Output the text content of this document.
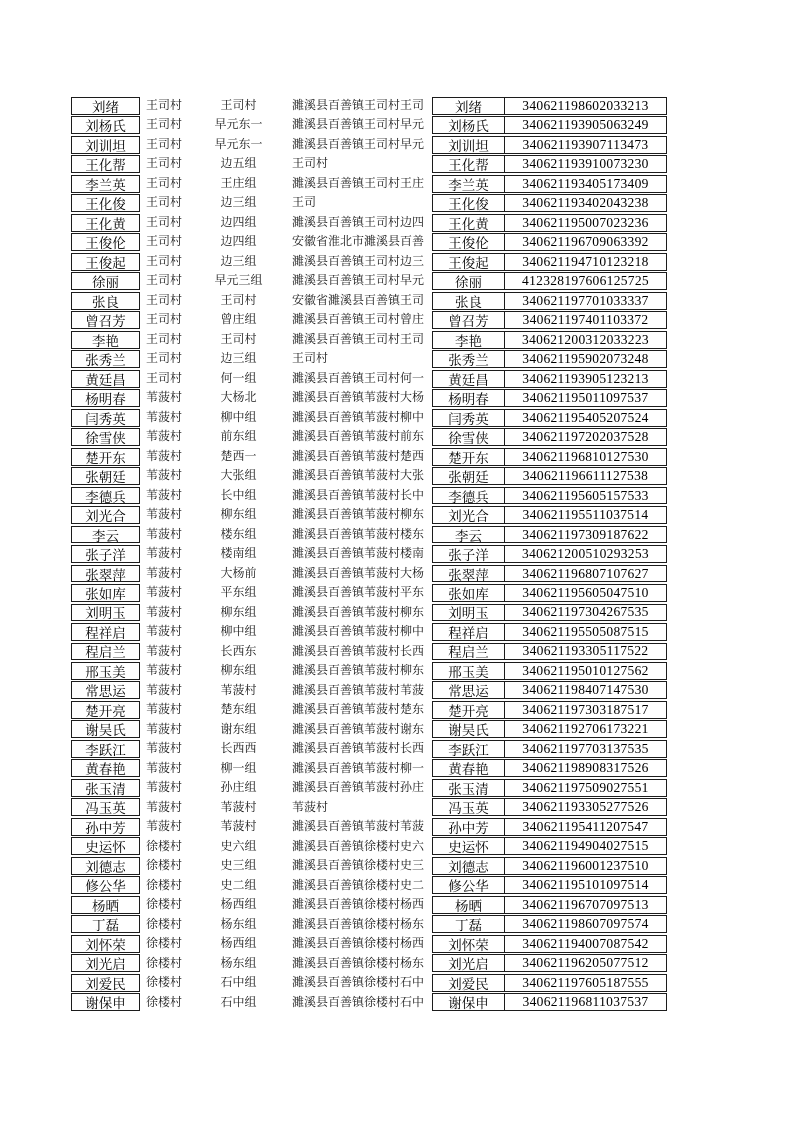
刘绪	王司村	王司村	濉溪县百善镇王司村王司
刘杨氏	王司村	早元东一	濉溪县百善镇王司村早元
刘训坦	王司村	早元东一	濉溪县百善镇王司村早元
王化帮	王司村	边五组	王司村
李兰英	王司村	王庄组	濉溪县百善镇王司村王庄
王化俊	王司村	边三组	王司
王化黄	王司村	边四组	濉溪县百善镇王司村边四
王俊伦	王司村	边四组	安徽省淮北市濉溪县百善
王俊起	王司村	边三组	濉溪县百善镇王司村边三
徐丽	王司村	早元三组	濉溪县百善镇王司村早元
张良	王司村	王司村	安徽省濉溪县百善镇王司
曾召芳	王司村	曾庄组	濉溪县百善镇王司村曾庄
李艳	王司村	王司村	濉溪县百善镇王司村王司
张秀兰	王司村	边三组	王司村
黄廷昌	王司村	何一组	濉溪县百善镇王司村何一
杨明春	苇菠村	大杨北	濉溪县百善镇苇菠村大杨
闫秀英	苇菠村	柳中组	濉溪县百善镇苇菠村柳中
徐雪侠	苇菠村	前东组	濉溪县百善镇苇菠村前东
楚开东	苇菠村	楚西一	濉溪县百善镇苇菠村楚西
张朝廷	苇菠村	大张组	濉溪县百善镇苇菠村大张
李德兵	苇菠村	长中组	濉溪县百善镇苇菠村长中
刘光合	苇菠村	柳东组	濉溪县百善镇苇菠村柳东
李云	苇菠村	楼东组	濉溪县百善镇苇菠村楼东
张子洋	苇菠村	楼南组	濉溪县百善镇苇菠村楼南
张翠萍	苇菠村	大杨前	濉溪县百善镇苇菠村大杨
张如库	苇菠村	平东组	濉溪县百善镇苇菠村平东
刘明玉	苇菠村	柳东组	濉溪县百善镇苇菠村柳东
程祥启	苇菠村	柳中组	濉溪县百善镇苇菠村柳中
程启兰	苇菠村	长西东	濉溪县百善镇苇菠村长西
邢玉美	苇菠村	柳东组	濉溪县百善镇苇菠村柳东
常思运	苇菠村	苇菠村	濉溪县百善镇苇菠村苇菠
楚开亮	苇菠村	楚东组	濉溪县百善镇苇菠村楚东
谢吴氏	苇菠村	谢东组	濉溪县百善镇苇菠村谢东
李跃江	苇菠村	长西西	濉溪县百善镇苇菠村长西
黄春艳	苇菠村	柳一组	濉溪县百善镇苇菠村柳一
张玉清	苇菠村	孙庄组	濉溪县百善镇苇菠村孙庄
冯玉英	苇菠村	苇菠村	苇菠村
孙中芳	苇菠村	苇菠村	濉溪县百善镇苇菠村苇菠
史运怀	徐楼村	史六组	濉溪县百善镇徐楼村史六
刘德志	徐楼村	史三组	濉溪县百善镇徐楼村史三
修公华	徐楼村	史二组	濉溪县百善镇徐楼村史二
杨晒	徐楼村	杨西组	濉溪县百善镇徐楼村杨西
丁磊	徐楼村	杨东组	濉溪县百善镇徐楼村杨东
刘怀荣	徐楼村	杨西组	濉溪县百善镇徐楼村杨西
刘光启	徐楼村	杨东组	濉溪县百善镇徐楼村杨东
刘爱民	徐楼村	石中组	濉溪县百善镇徐楼村石中
谢保申	徐楼村	石中组	濉溪县百善镇徐楼村石中
刘绪	340621198602033213
刘杨氏	340621193905063249
刘训坦	340621193907113473
王化帮	340621193910073230
李兰英	340621193405173409
王化俊	340621193402043238
王化黄	340621195007023236
王俊伦	340621196709063392
王俊起	340621194710123218
徐丽	412328197606125725
张良	340621197701033337
曾召芳	340621197401103372
李艳	340621200312033223
张秀兰	340621195902073248
黄廷昌	340621193905123213
杨明春	340621195011097537
闫秀英	340621195405207524
徐雪侠	340621197202037528
楚开东	340621196810127530
张朝廷	340621196611127538
李德兵	340621195605157533
刘光合	340621195511037514
李云	340621197309187622
张子洋	340621200510293253
张翠萍	340621196807107627
张如库	340621195605047510
刘明玉	340621197304267535
程祥启	340621195505087515
程启兰	340621193305117522
邢玉美	340621195010127562
常思运	340621198407147530
楚开亮	340621197303187517
谢吴氏	340621192706173221
李跃江	340621197703137535
黄春艳	340621198908317526
张玉清	340621197509027551
冯玉英	340621193305277526
孙中芳	340621195411207547
史运怀	340621194904027515
刘德志	340621196001237510
修公华	340621195101097514
杨晒	340621196707097513
丁磊	340621198607097574
刘怀荣	340621194007087542
刘光启	340621196205077512
刘爱民	340621197605187555
谢保申	340621196811037537
